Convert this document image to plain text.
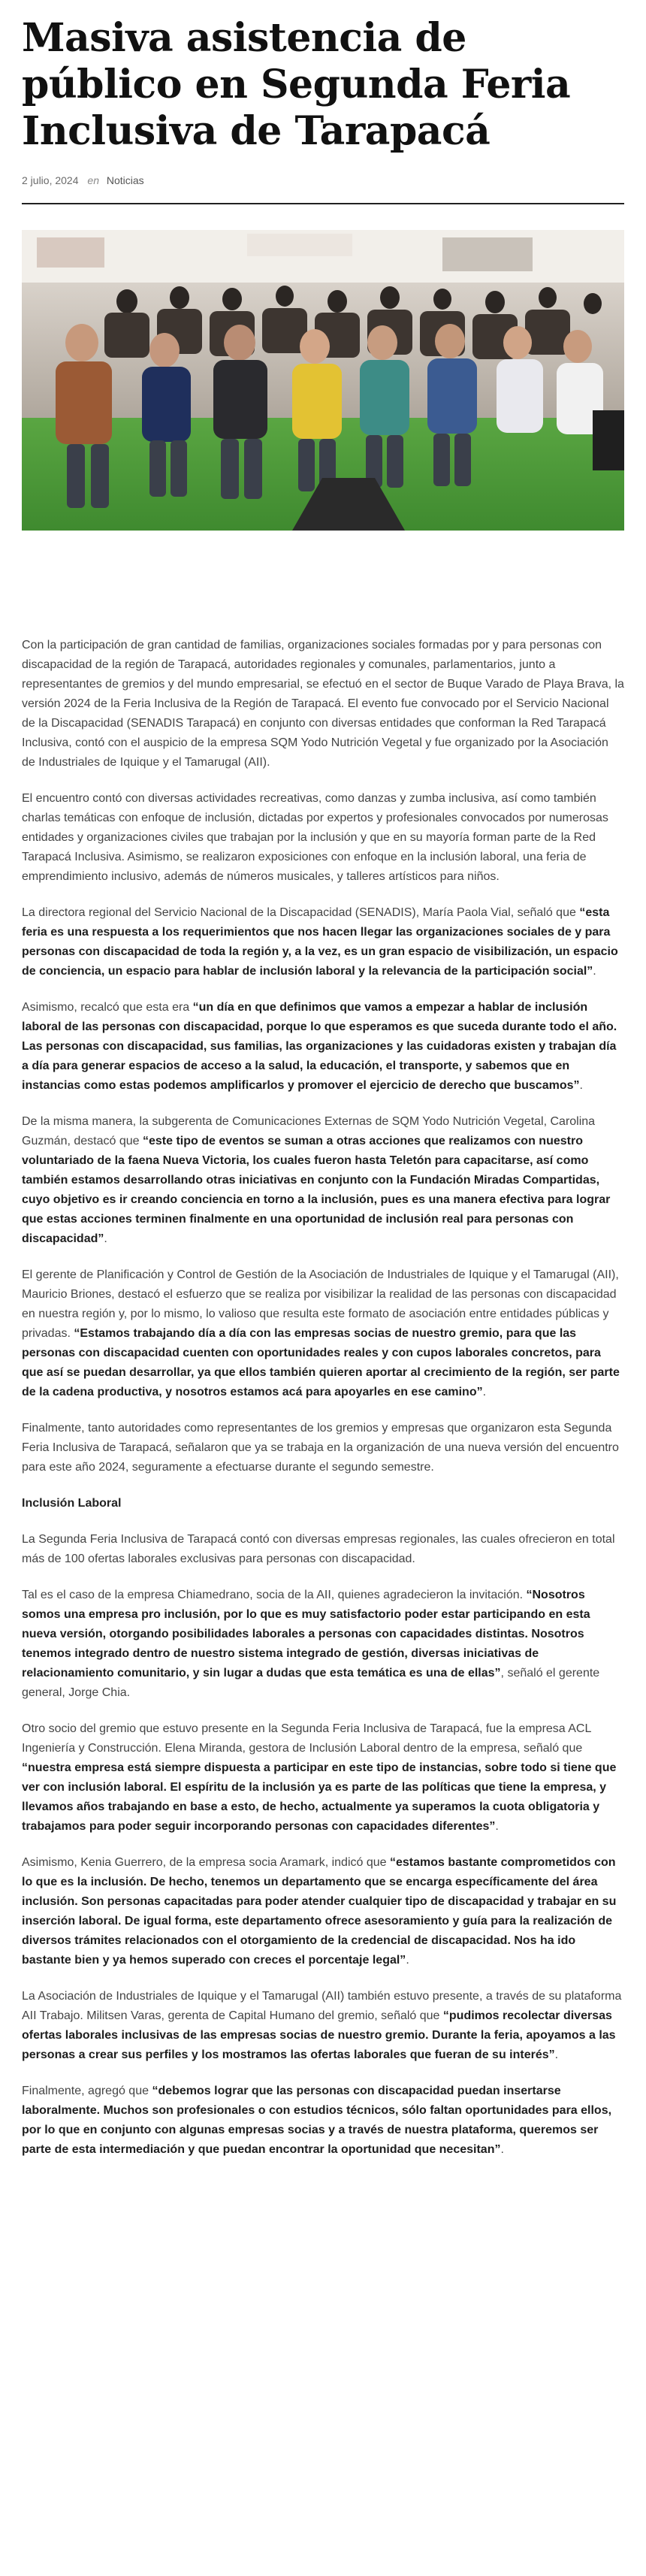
Masiva asistencia de público en Segunda Feria Inclusiva de Tarapacá
2 julio, 2024 en Noticias

Con la participación de gran cantidad de familias, organizaciones sociales formadas por y para personas con discapacidad de la región de Tarapacá, autoridades regionales y comunales, parlamentarios, junto a representantes de gremios y del mundo empresarial, se efectuó en el sector de Buque Varado de Playa Brava, la versión 2024 de la Feria Inclusiva de la Región de Tarapacá. El evento fue convocado por el Servicio Nacional de la Discapacidad (SENADIS Tarapacá) en conjunto con diversas entidades que conforman la Red Tarapacá Inclusiva, contó con el auspicio de la empresa SQM Yodo Nutrición Vegetal y fue organizado por la Asociación de Industriales de Iquique y el Tamarugal (AII).

El encuentro contó con diversas actividades recreativas, como danzas y zumba inclusiva, así como también charlas temáticas con enfoque de inclusión, dictadas por expertos y profesionales convocados por numerosas entidades y organizaciones civiles que trabajan por la inclusión y que en su mayoría forman parte de la Red Tarapacá Inclusiva. Asimismo, se realizaron exposiciones con enfoque en la inclusión laboral, una feria de emprendimiento inclusivo, además de números musicales, y talleres artísticos para niños.

La directora regional del Servicio Nacional de la Discapacidad (SENADIS), María Paola Vial, señaló que “esta feria es una respuesta a los requerimientos que nos hacen llegar las organizaciones sociales de y para personas con discapacidad de toda la región y, a la vez, es un gran espacio de visibilización, un espacio de conciencia, un espacio para hablar de inclusión laboral y la relevancia de la participación social”.

Asimismo, recalcó que esta era “un día en que definimos que vamos a empezar a hablar de inclusión laboral de las personas con discapacidad, porque lo que esperamos es que suceda durante todo el año. Las personas con discapacidad, sus familias, las organizaciones y las cuidadoras existen y trabajan día a día para generar espacios de acceso a la salud, la educación, el transporte, y sabemos que en instancias como estas podemos amplificarlos y promover el ejercicio de derecho que buscamos”.

De la misma manera, la subgerenta de Comunicaciones Externas de SQM Yodo Nutrición Vegetal, Carolina Guzmán, destacó que “este tipo de eventos se suman a otras acciones que realizamos con nuestro voluntariado de la faena Nueva Victoria, los cuales fueron hasta Teletón para capacitarse, así como también estamos desarrollando otras iniciativas en conjunto con la Fundación Miradas Compartidas, cuyo objetivo es ir creando conciencia en torno a la inclusión, pues es una manera efectiva para lograr que estas acciones terminen finalmente en una oportunidad de inclusión real para personas con discapacidad”.

El gerente de Planificación y Control de Gestión de la Asociación de Industriales de Iquique y el Tamarugal (AII), Mauricio Briones, destacó el esfuerzo que se realiza por visibilizar la realidad de las personas con discapacidad en nuestra región y, por lo mismo, lo valioso que resulta este formato de asociación entre entidades públicas y privadas. “Estamos trabajando día a día con las empresas socias de nuestro gremio, para que las personas con discapacidad cuenten con oportunidades reales y con cupos laborales concretos, para que así se puedan desarrollar, ya que ellos también quieren aportar al crecimiento de la región, ser parte de la cadena productiva, y nosotros estamos acá para apoyarles en ese camino”.

Finalmente, tanto autoridades como representantes de los gremios y empresas que organizaron esta Segunda Feria Inclusiva de Tarapacá, señalaron que ya se trabaja en la organización de una nueva versión del encuentro para este año 2024, seguramente a efectuarse durante el segundo semestre.

Inclusión Laboral

La Segunda Feria Inclusiva de Tarapacá contó con diversas empresas regionales, las cuales ofrecieron en total más de 100 ofertas laborales exclusivas para personas con discapacidad.

Tal es el caso de la empresa Chiamedrano, socia de la AII, quienes agradecieron la invitación. “Nosotros somos una empresa pro inclusión, por lo que es muy satisfactorio poder estar participando en esta nueva versión, otorgando posibilidades laborales a personas con capacidades distintas. Nosotros tenemos integrado dentro de nuestro sistema integrado de gestión, diversas iniciativas de relacionamiento comunitario, y sin lugar a dudas que esta temática es una de ellas”, señaló el gerente general, Jorge Chia.

Otro socio del gremio que estuvo presente en la Segunda Feria Inclusiva de Tarapacá, fue la empresa ACL Ingeniería y Construcción. Elena Miranda, gestora de Inclusión Laboral dentro de la empresa, señaló que “nuestra empresa está siempre dispuesta a participar en este tipo de instancias, sobre todo si tiene que ver con inclusión laboral. El espíritu de la inclusión ya es parte de las políticas que tiene la empresa, y llevamos años trabajando en base a esto, de hecho, actualmente ya superamos la cuota obligatoria y trabajamos para poder seguir incorporando personas con capacidades diferentes”.

Asimismo, Kenia Guerrero, de la empresa socia Aramark, indicó que “estamos bastante comprometidos con lo que es la inclusión. De hecho, tenemos un departamento que se encarga específicamente del área inclusión. Son personas capacitadas para poder atender cualquier tipo de discapacidad y trabajar en su inserción laboral. De igual forma, este departamento ofrece asesoramiento y guía para la realización de diversos trámites relacionados con el otorgamiento de la credencial de discapacidad. Nos ha ido bastante bien y ya hemos superado con creces el porcentaje legal”.

La Asociación de Industriales de Iquique y el Tamarugal (AII) también estuvo presente, a través de su plataforma AII Trabajo. Militsen Varas, gerenta de Capital Humano del gremio, señaló que “pudimos recolectar diversas ofertas laborales inclusivas de las empresas socias de nuestro gremio. Durante la feria, apoyamos a las personas a crear sus perfiles y los mostramos las ofertas laborales que fueran de su interés”.

Finalmente, agregó que “debemos lograr que las personas con discapacidad puedan insertarse laboralmente. Muchos son profesionales o con estudios técnicos, sólo faltan oportunidades para ellos, por lo que en conjunto con algunas empresas socias y a través de nuestra plataforma, queremos ser parte de esta intermediación y que puedan encontrar la oportunidad que necesitan”.
